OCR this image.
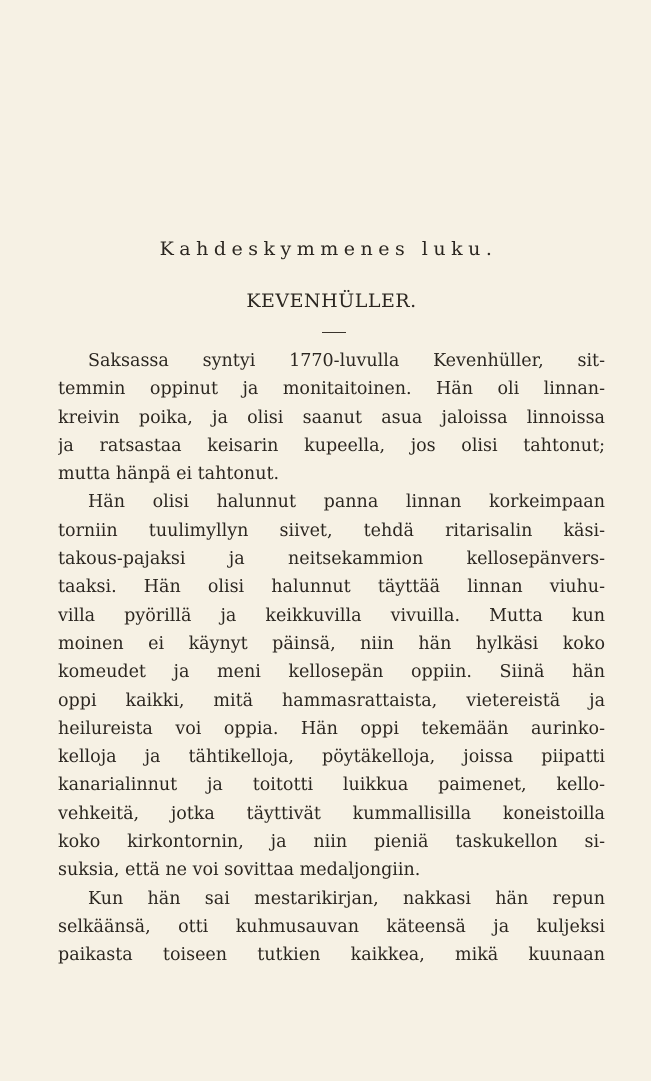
Kahdeskymmenes luku.
KEVENHÜLLER.
Saksassa syntyi 1770-luvulla Kevenhüller, sit-
temmin oppinut ja monitaitoinen. Hän oli linnan-
kreivin poika, ja olisi saanut asua jaloissa linnoissa
ja ratsastaa keisarin kupeella, jos olisi tahtonut;
mutta hänpä ei tahtonut.
Hän olisi halunnut panna linnan korkeimpaan
torniin tuulimyllyn siivet, tehdä ritarisalin käsi-
takous-pajaksi ja neitsekammion kellosepänvers-
taaksi. Hän olisi halunnut täyttää linnan viuhu-
villa pyörillä ja keikkuvilla vivuilla. Mutta kun
moinen ei käynyt päinsä, niin hän hylkäsi koko
komeudet ja meni kellosepän oppiin. Siinä hän
oppi kaikki, mitä hammasrattaista, vietereistä ja
heilureista voi oppia. Hän oppi tekemään aurinko-
kelloja ja tähtikelloja, pöytäkelloja, joissa piipatti
kanarialinnut ja toitotti luikkua paimenet, kello-
vehkeitä, jotka täyttivät kummallisilla koneistoilla
koko kirkontornin, ja niin pieniä taskukellon si-
suksia, että ne voi sovittaa medaljongiin.
Kun hän sai mestarikirjan, nakkasi hän repun
selkäänsä, otti kuhmusauvan käteensä ja kuljeksi
paikasta toiseen tutkien kaikkea, mikä kuunaan
